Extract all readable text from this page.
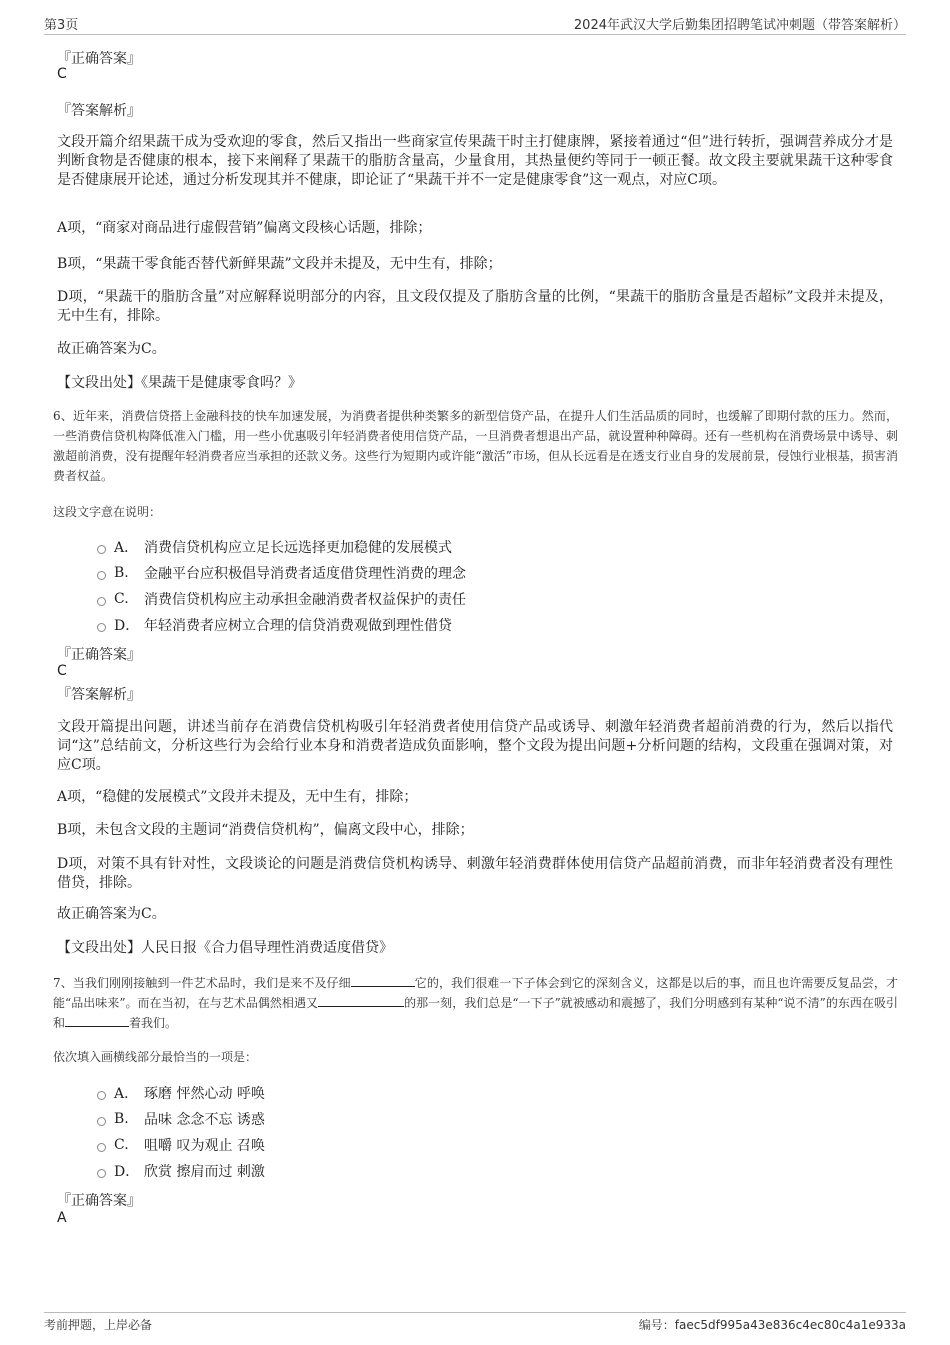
第3页	2024年武汉大学后勤集团招聘笔试冲刺题（带答案解析）
『正确答案』
C
『答案解析』

文段开篇介绍果蔬干成为受欢迎的零食，然后又指出一些商家宣传果蔬干时主打健康牌，紧接着通过“但”进行转折，强调营养成分才是判断食物是否健康的根本，接下来阐释了果蔬干的脂肪含量高，少量食用，其热量便约等同于一顿正餐。故文段主要就果蔬干这种零食是否健康展开论述，通过分析发现其并不健康，即论证了“果蔬干并不一定是健康零食”这一观点，对应C项。

A项，“商家对商品进行虚假营销”偏离文段核心话题，排除；

B项，“果蔬干零食能否替代新鲜果蔬”文段并未提及，无中生有，排除；

D项，“果蔬干的脂肪含量”对应解释说明部分的内容，且文段仅提及了脂肪含量的比例，“果蔬干的脂肪含量是否超标”文段并未提及，无中生有，排除。

故正确答案为C。

【文段出处】《果蔬干是健康零食吗？》

6、近年来，消费信贷搭上金融科技的快车加速发展，为消费者提供种类繁多的新型信贷产品，在提升人们生活品质的同时，也缓解了即期付款的压力。然而，一些消费信贷机构降低准入门槛，用一些小优惠吸引年轻消费者使用信贷产品，一旦消费者想退出产品，就设置种种障碍。还有一些机构在消费场景中诱导、刺激超前消费，没有提醒年轻消费者应当承担的还款义务。这些行为短期内或许能“激活”市场，但从长远看是在透支行业自身的发展前景，侵蚀行业根基，损害消费者权益。

这段文字意在说明：
A． 消费信贷机构应立足长远选择更加稳健的发展模式
B.	金融平台应积极倡导消费者适度借贷理性消费的理念
C.	消费信贷机构应主动承担金融消费者权益保护的责任
D． 年轻消费者应树立合理的信贷消费观做到理性借贷
『正确答案』
C
『答案解析』

文段开篇提出问题，讲述当前存在消费信贷机构吸引年轻消费者使用信贷产品或诱导、刺激年轻消费者超前消费的行为，然后以指代词“这”总结前文，分析这些行为会给行业本身和消费者造成负面影响，整个文段为提出问题+分析问题的结构，文段重在强调对策，对应C项。

A项，“稳健的发展模式”文段并未提及，无中生有，排除；

B项，未包含文段的主题词“消费信贷机构”，偏离文段中心，排除；

D项，对策不具有针对性，文段谈论的问题是消费信贷机构诱导、刺激年轻消费群体使用信贷产品超前消费，而非年轻消费者没有理性借贷，排除。

故正确答案为C。

【文段出处】人民日报《合力倡导理性消费适度借贷》

7、当我们刚刚接触到一件艺术品时，我们是来不及仔细	它的，我们很难一下子体会到它的深刻含义，这都是以后的事，而且也许需要反复品尝，才能“品出味来”。而在当初，在与艺术品偶然相遇又	的那一刻，我们总是“一下子”就被感动和震撼了，我们分明感到有某种“说不清”的东西在吸引和	着我们。

依次填入画横线部分最恰当的一项是：
A． 琢磨 怦然心动 呼唤
B.	品味 念念不忘 诱惑
C.	咀嚼 叹为观止 召唤
D． 欣赏 擦肩而过 刺激
『正确答案』
A
考前押题，上岸必备	编号：faec5df995a43e836c4ec80c4a1e933a
